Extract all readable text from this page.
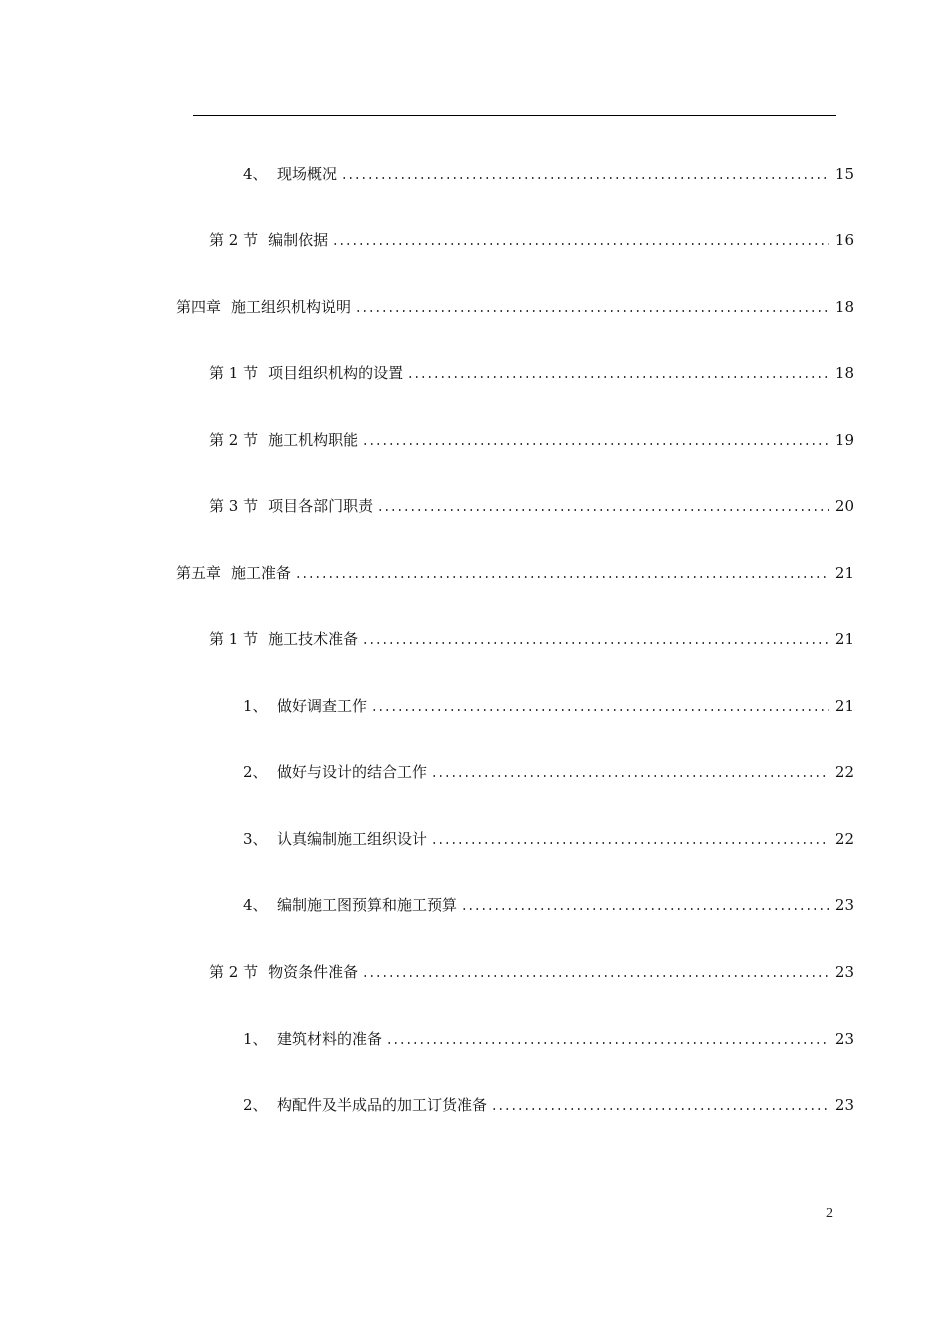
4、 现场概况	15
第 2 节 编制依据	16
第四章 施工组织机构说明	18
第 1 节 项目组织机构的设置	18
第 2 节 施工机构职能	19
第 3 节 项目各部门职责	20
第五章 施工准备	21
第 1 节 施工技术准备	21
1、 做好调查工作	21
2、 做好与设计的结合工作	22
3、 认真编制施工组织设计	22
4、 编制施工图预算和施工预算	23
第 2 节 物资条件准备	23
1、 建筑材料的准备	23
2、 构配件及半成品的加工订货准备	23
2
